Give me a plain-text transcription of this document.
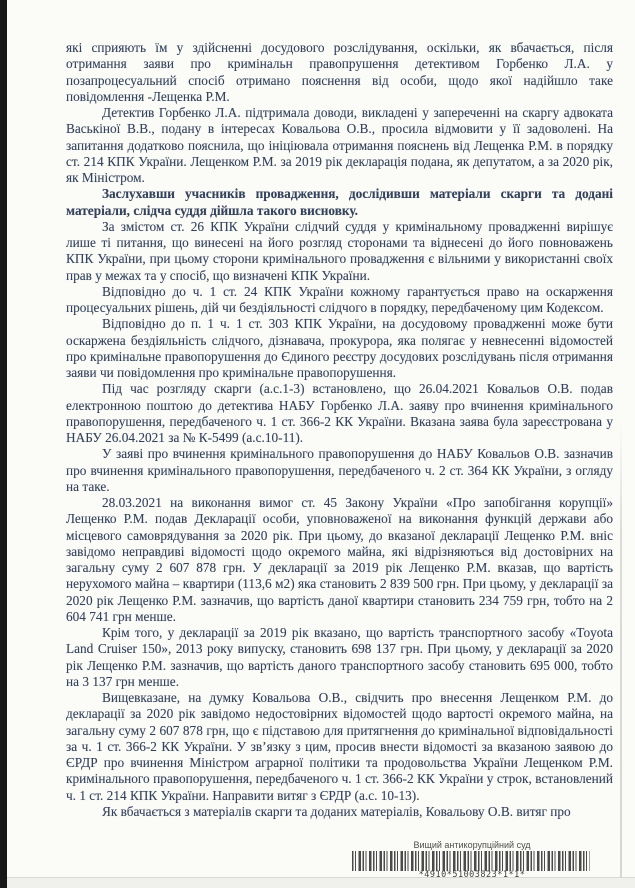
які сприяють їм у здійсненні досудового розслідування, оскільки, як вбачається, після отримання заяви про кримінальн правопрушення детективом Горбенко Л.А. у позапроцесуальний спосіб отримано пояснення від особи, щодо якої надійшло таке повідомлення -Лещенка Р.М.

Детектив Горбенко Л.А. підтримала доводи, викладені у запереченні на скаргу адвоката Васькіної В.В., подану в інтересах Ковальова О.В., просила відмовити у її задоволені. На запитання додатково пояснила, що ініціювала отримання пояснень від Лещенка Р.М. в порядку ст. 214 КПК України. Лещенком Р.М. за 2019 рік декларація подана, як депутатом, а за 2020 рік, як Міністром.

Заслухавши учасників провадження, дослідивши матеріали скарги та додані матеріали, слідча суддя дійшла такого висновку.

За змістом ст. 26 КПК України слідчий суддя у кримінальному провадженні вирішує лише ті питання, що винесені на його розгляд сторонами та віднесені до його повноважень КПК України, при цьому сторони кримінального провадження є вільними у використанні своїх прав у межах та у спосіб, що визначені КПК України.

Відповідно до ч. 1 ст. 24 КПК України кожному гарантується право на оскарження процесуальних рішень, дій чи бездіяльності слідчого в порядку, передбаченому цим Кодексом.

Відповідно до п. 1 ч. 1 ст. 303 КПК України, на досудовому провадженні може бути оскаржена бездіяльність слідчого, дізнавача, прокурора, яка полягає у невнесенні відомостей про кримінальне правопорушення до Єдиного реєстру досудових розслідувань після отримання заяви чи повідомлення про кримінальне правопорушення.

Під час розгляду скарги (а.с.1-3) встановлено, що 26.04.2021 Ковальов О.В. подав електронною поштою до детектива НАБУ Горбенко Л.А. заяву про вчинення кримінального правопорушення, передбаченого ч. 1 ст. 366-2 КК України. Вказана заява була зареєстрована у НАБУ 26.04.2021 за № К-5499 (а.с.10-11).

У заяві про вчинення кримінального правопорушення до НАБУ Ковальов О.В. зазначив про вчинення кримінального правопорушення, передбаченого ч. 2 ст. 364 КК України, з огляду на таке.

28.03.2021 на виконання вимог ст. 45 Закону України «Про запобігання корупції» Лещенко Р.М. подав Декларації особи, уповноваженої на виконання функцій держави або місцевого самоврядування за 2020 рік. При цьому, до вказаної декларації Лещенко Р.М. вніс завідомо неправдиві відомості щодо окремого майна, які відрізняються від достовірних на загальну суму 2 607 878 грн. У декларації за 2019 рік Лещенко Р.М. вказав, що вартість нерухомого майна – квартири (113,6 м2) яка становить 2 839 500 грн. При цьому, у декларації за 2020 рік Лещенко Р.М. зазначив, що вартість даної квартири становить 234 759 грн, тобто на 2 604 741 грн менше.

Крім того, у декларації за 2019 рік вказано, що вартість транспортного засобу «Toyota Land Cruiser 150», 2013 року випуску, становить 698 137 грн. При цьому, у декларації за 2020 рік Лещенко Р.М. зазначив, що вартість даного транспортного засобу становить 695 000, тобто на 3 137 грн менше.

Вищевказане, на думку Ковальова О.В., свідчить про внесення Лещенком Р.М. до декларації за 2020 рік завідомо недостовірних відомостей щодо вартості окремого майна, на загальну суму 2 607 878 грн, що є підставою для притягнення до кримінальної відповідальності за ч. 1 ст. 366-2 КК України. У зв’язку з цим, просив внести відомості за вказаною заявою до ЄРДР про вчинення Міністром аграрної політики та продовольства України Лещенком Р.М. кримінального правопорушення, передбаченого ч. 1 ст. 366-2 КК України у строк, встановлений ч. 1 ст. 214 КПК України. Направити витяг з ЄРДР (а.с. 10-13).

Як вбачається з матеріалів скарги та доданих матеріалів, Ковальову О.В. витяг про

Вищий антикорупційний суд
*4910*51003823*1*1*
